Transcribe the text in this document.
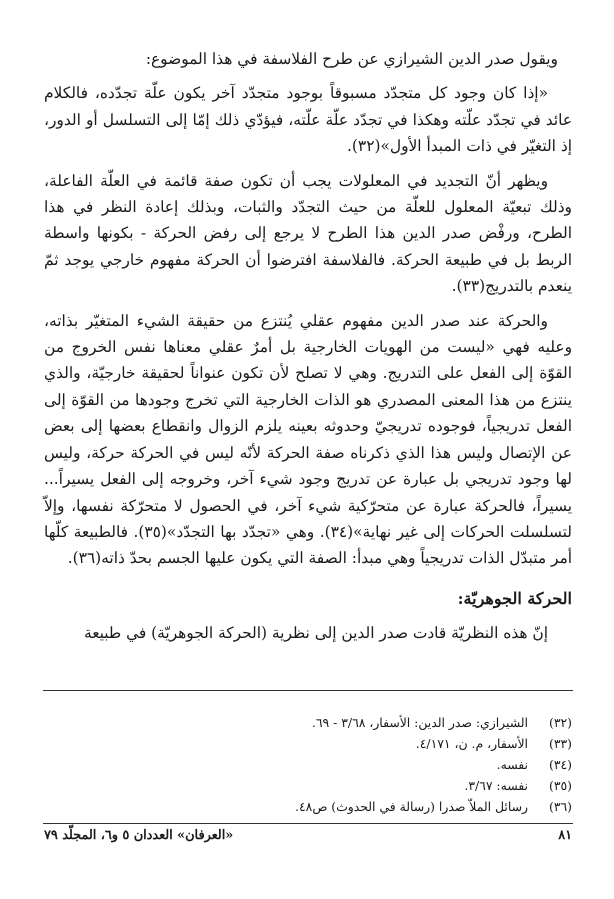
ويقول صدر الدين الشيرازي عن طرح الفلاسفة في هذا الموضوع:

«إذا كان وجود كل متجدّد مسبوقاً بوجود متجدّد آخر يكون علّة تجدّده، فالكلام عائد في تجدّد علّته وهكذا في تجدّد علّة علّته، فيؤدّي ذلك إمّا إلى التسلسل أو الدور، إذ التغيّر في ذات المبدأ الأول»(٣٢).

ويظهر أنّ التجديد في المعلولات يجب أن تكون صفة قائمة في العلّة الفاعلة، وذلك تبعيّة المعلول للعلّة من حيث التجدّد والثبات، وبذلك إعادة النظر في هذا الطرح، ورفْض صدر الدين هذا الطرح لا يرجع إلى رفض الحركة - بكونها واسطة الربط بل في طبيعة الحركة. فالفلاسفة افترضوا أن الحركة مفهوم خارجي يوجد ثمّ ينعدم بالتدريج(٣٣).

والحركة عند صدر الدين مفهوم عقلي يُنتزع من حقيقة الشيء المتغيّر بذاته، وعليه فهي «ليست من الهويات الخارجية بل أمرٌ عقلي معناها نفس الخروج من القوّة إلى الفعل على التدريج. وهي لا تصلح لأن تكون عنواناً لحقيقة خارجيّة، والذي ينتزع من هذا المعنى المصدري هو الذات الخارجية التي تخرج وجودها من القوّة إلى الفعل تدريجياً، فوجوده تدريجيّ وحدوثه بعينه يلزم الزوال وانقطاع بعضها إلى بعض عن الإتصال وليس هذا الذي ذكرناه صفة الحركة لأنّه ليس في الحركة حركة، وليس لها وجود تدريجي بل عبارة عن تدريج وجود شيء آخر، وخروجه إلى الفعل يسيراً... يسيراً، فالحركة عبارة عن متحرّكية شيء آخر، في الحصول لا متحرّكة نفسها، وإلاّ لتسلسلت الحركات إلى غير نهاية»(٣٤). وهي «تجدّد بها التجدّد»(٣٥). فالطبيعة كلّها أمر متبدّل الذات تدريجياً وهي مبدأ: الصفة التي يكون عليها الجسم بحدّ ذاته(٣٦).

الحركة الجوهريّة:

إنّ هذه النظريّة قادت صدر الدين إلى نظرية (الحركة الجوهريّة) في طبيعة

(٣٢)
الشيرازي: صدر الدين: الأسفار، ٣/٦٨ - ٦٩.
(٣٣)
الأسفار، م. ن، ٤/١٧١.
(٣٤)
نفسه.
(٣٥)
نفسه: ٣/٦٧.
(٣٦)
رسائل الملاّ صدرا (رسالة في الحدوث) ص٤٨.
٨١
«العرفان» العددان ٥ و٦، المجلّد ٧٩
